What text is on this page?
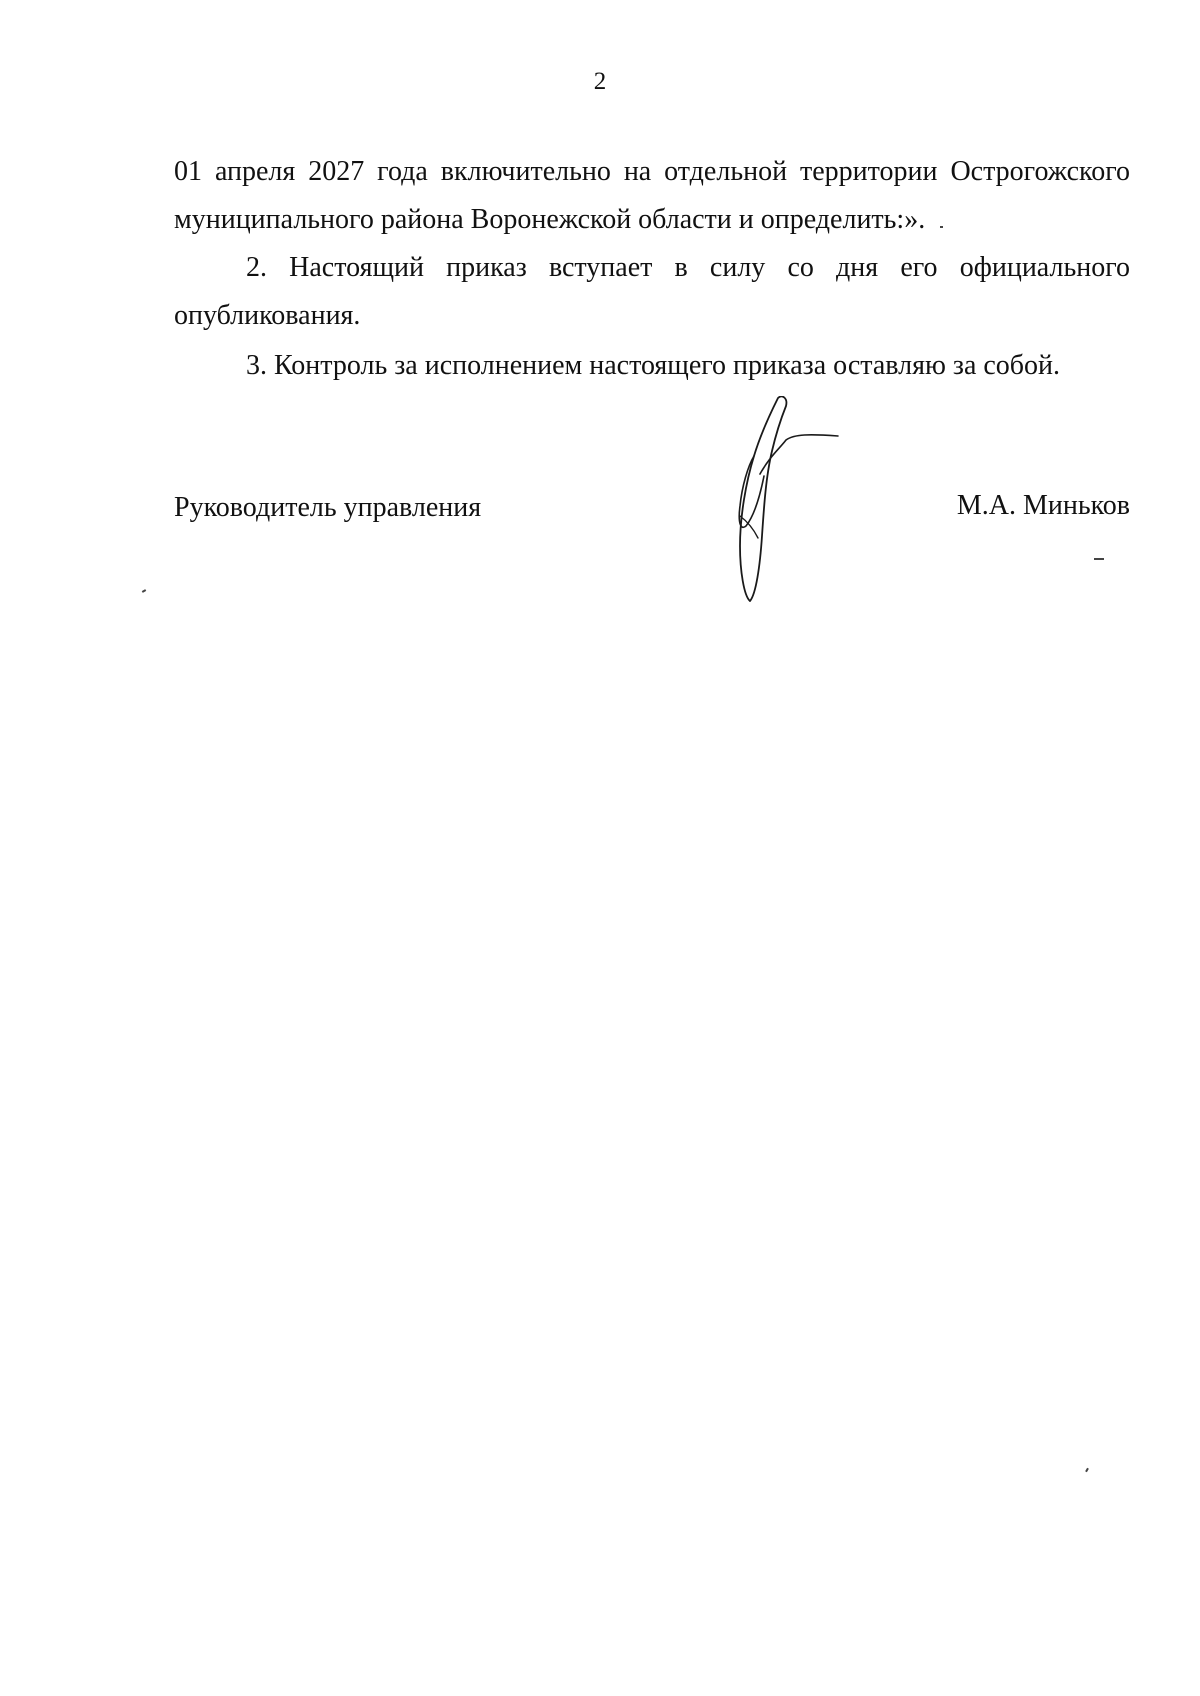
2
01 апреля 2027 года включительно на отдельной территории Острогожского
муниципального района Воронежской области и определить:».
2. Настоящий приказ вступает в силу со дня его официального
опубликования.
3. Контроль за исполнением настоящего приказа оставляю за собой.
Руководитель управления	М.А. Миньков
